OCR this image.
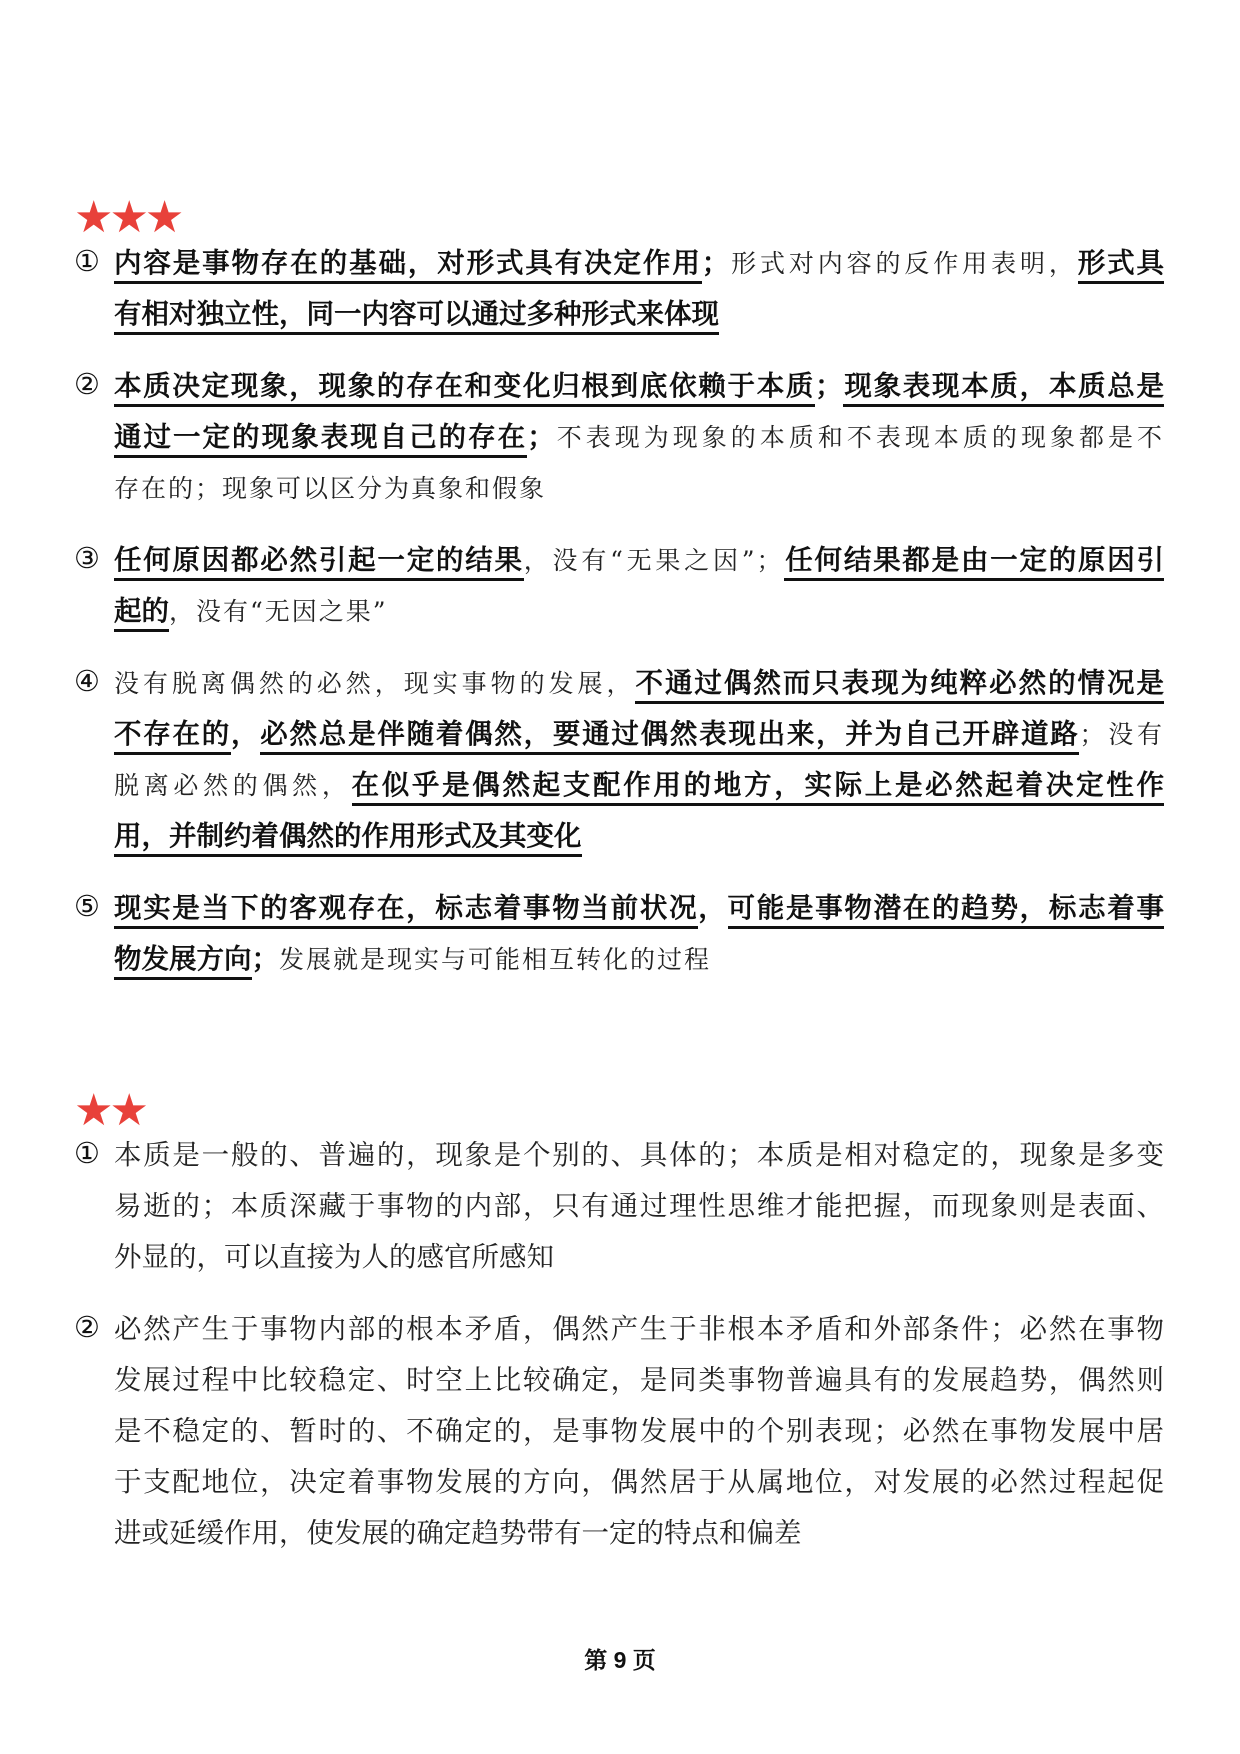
★★★
① 内容是事物存在的基础，对形式具有决定作用；形式对内容的反作用表明，形式具
有相对独立性，同一内容可以通过多种形式来体现
② 本质决定现象，现象的存在和变化归根到底依赖于本质；现象表现本质，本质总是
通过一定的现象表现自己的存在；不表现为现象的本质和不表现本质的现象都是不
存在的；现象可以区分为真象和假象
③ 任何原因都必然引起一定的结果，没有“无果之因”；任何结果都是由一定的原因引
起的，没有“无因之果”
④ 没有脱离偶然的必然，现实事物的发展，不通过偶然而只表现为纯粹必然的情况是
不存在的，必然总是伴随着偶然，要通过偶然表现出来，并为自己开辟道路；没有
脱离必然的偶然，在似乎是偶然起支配作用的地方，实际上是必然起着决定性作
用，并制约着偶然的作用形式及其变化
⑤ 现实是当下的客观存在，标志着事物当前状况，可能是事物潜在的趋势，标志着事
物发展方向；发展就是现实与可能相互转化的过程
★★
① 本质是一般的、普遍的，现象是个别的、具体的；本质是相对稳定的，现象是多变
易逝的；本质深藏于事物的内部，只有通过理性思维才能把握，而现象则是表面、
外显的，可以直接为人的感官所感知
② 必然产生于事物内部的根本矛盾，偶然产生于非根本矛盾和外部条件；必然在事物
发展过程中比较稳定、时空上比较确定，是同类事物普遍具有的发展趋势，偶然则
是不稳定的、暂时的、不确定的，是事物发展中的个别表现；必然在事物发展中居
于支配地位，决定着事物发展的方向，偶然居于从属地位，对发展的必然过程起促
进或延缓作用，使发展的确定趋势带有一定的特点和偏差
第 9 页
